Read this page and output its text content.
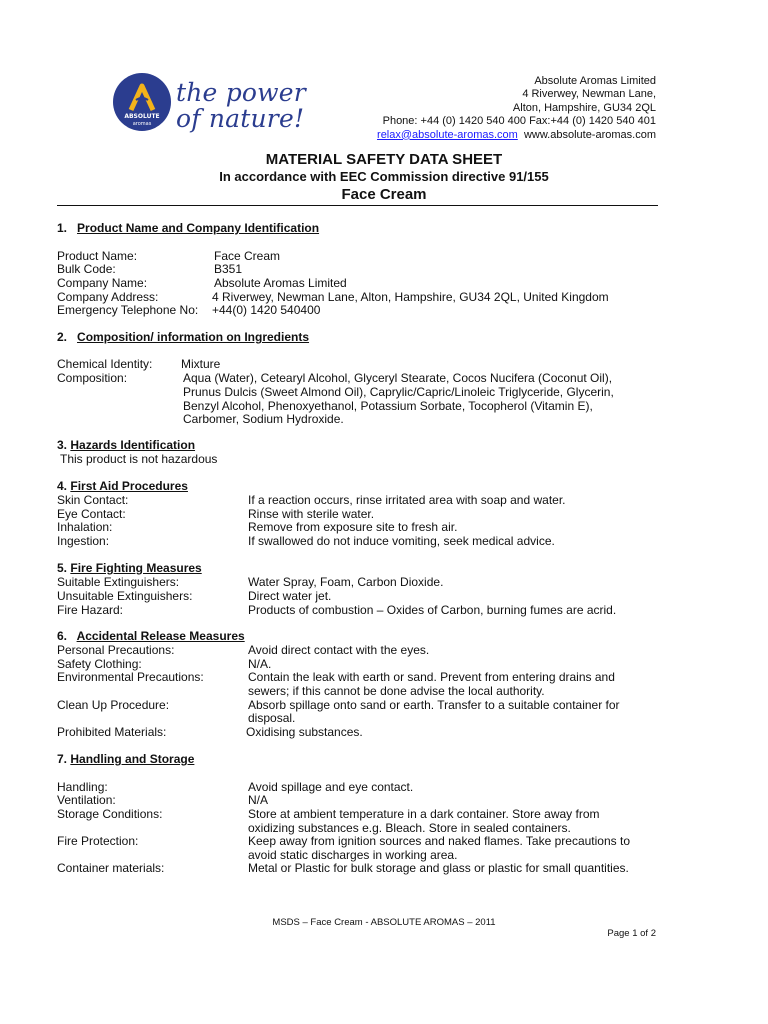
ABSOLUTE
aromas
the power
of nature!
Absolute Aromas Limited
4 Riverwey, Newman Lane,
Alton, Hampshire, GU34 2QL
Phone: +44 (0) 1420 540 400 Fax:+44 (0) 1420 540 401
relax@absolute-aromas.com www.absolute-aromas.com
MATERIAL SAFETY DATA SHEET
In accordance with EEC Commission directive 91/155
Face Cream
1. Product Name and Company Identification
Product Name:	Face Cream
Bulk Code:	B351
Company Name:	Absolute Aromas Limited
Company Address:	4 Riverwey, Newman Lane, Alton, Hampshire, GU34 2QL, United Kingdom
Emergency Telephone No: +44(0) 1420 540400
2. Composition/ information on Ingredients
Chemical Identity: Mixture
Composition:	Aqua (Water), Cetearyl Alcohol, Glyceryl Stearate, Cocos Nucifera (Coconut Oil),
Prunus Dulcis (Sweet Almond Oil), Caprylic/Capric/Linoleic Triglyceride, Glycerin,
Benzyl Alcohol, Phenoxyethanol, Potassium Sorbate, Tocopherol (Vitamin E),
Carbomer, Sodium Hydroxide.
3. Hazards Identification
This product is not hazardous
4. First Aid Procedures
Skin Contact:	If a reaction occurs, rinse irritated area with soap and water.
Eye Contact:	Rinse with sterile water.
Inhalation:	Remove from exposure site to fresh air.
Ingestion:	If swallowed do not induce vomiting, seek medical advice.
5. Fire Fighting Measures
Suitable Extinguishers:	Water Spray, Foam, Carbon Dioxide.
Unsuitable Extinguishers:	Direct water jet.
Fire Hazard:	Products of combustion – Oxides of Carbon, burning fumes are acrid.
6. Accidental Release Measures
Personal Precautions:	Avoid direct contact with the eyes.
Safety Clothing:	N/A.
Environmental Precautions:	Contain the leak with earth or sand. Prevent from entering drains and
sewers; if this cannot be done advise the local authority.
Clean Up Procedure:	Absorb spillage onto sand or earth. Transfer to a suitable container for
disposal.
Prohibited Materials:	Oxidising substances.
7. Handling and Storage
Handling:	Avoid spillage and eye contact.
Ventilation:	N/A
Storage Conditions:	Store at ambient temperature in a dark container. Store away from
oxidizing substances e.g. Bleach. Store in sealed containers.
Fire Protection:	Keep away from ignition sources and naked flames. Take precautions to
avoid static discharges in working area.
Container materials:	Metal or Plastic for bulk storage and glass or plastic for small quantities.
MSDS – Face Cream - ABSOLUTE AROMAS – 2011
Page 1 of 2
